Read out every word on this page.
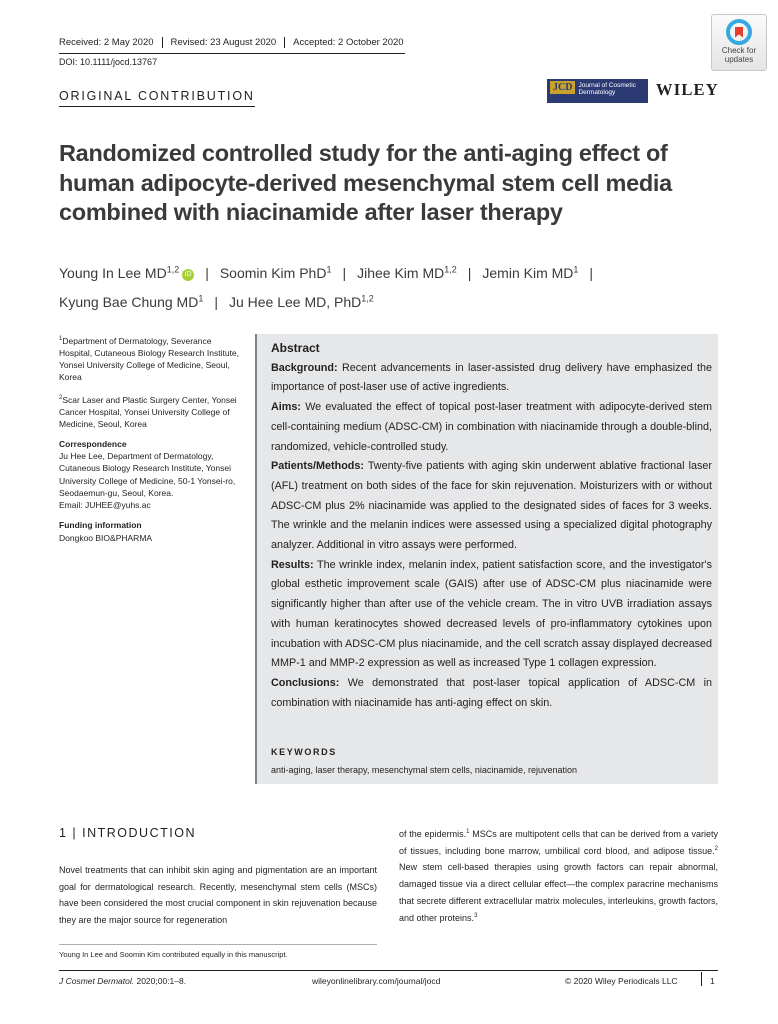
Received: 2 May 2020	Revised: 23 August 2020	Accepted: 2 October 2020
DOI: 10.1111/jocd.13767
ORIGINAL CONTRIBUTION
Check for
updates
JCD Journal of Cosmetic Dermatology	WILEY
Randomized controlled study for the anti-aging effect of human adipocyte-derived mesenchymal stem cell media combined with niacinamide after laser therapy
Young In Lee MD$^{1,2}$iD | Soomin Kim PhD$^1$ | Jihee Kim MD$^{1,2}$ | Jemin Kim $MD^1$ |
Kyung Bae Chung $MD^1$ | Ju Hee Lee MD, PhD$^{1,2}$

$^1$Department of Dermatology, Severance Hospital, Cutaneous Biology Research Institute, Yonsei University College of Medicine, Seoul, Korea

$^2$Scar Laser and Plastic Surgery Center, Yonsei Cancer Hospital, Yonsei University College of Medicine, Seoul, Korea

Correspondence
Ju Hee Lee, Department of Dermatology, Cutaneous Biology Research Institute, Yonsei University College of Medicine, 50-1 Yonsei-ro, Seodaemun-gu, Seoul, Korea.
Email: JUHEE@yuhs.ac

Funding information
Dongkoo BIO&PHARMA

Abstract

Background: Recent advancements in laser-assisted drug delivery have emphasized the importance of post-laser use of active ingredients.

Aims: We evaluated the effect of topical post-laser treatment with adipocyte-derived stem cell-containing medium (ADSC-CM) in combination with niacinamide through a double-blind, randomized, vehicle-controlled study.

Patients/Methods: Twenty-five patients with aging skin underwent ablative fractional laser (AFL) treatment on both sides of the face for skin rejuvenation. Moisturizers with or without ADSC-CM plus 2% niacinamide was applied to the designated sides of faces for 3 weeks. The wrinkle and the melanin indices were assessed using a specialized digital photography analyzer. Additional in vitro assays were performed.

Results: The wrinkle index, melanin index, patient satisfaction score, and the investigator's global esthetic improvement scale (GAIS) after use of ADSC-CM plus niacinamide were significantly higher than after use of the vehicle cream. The in vitro UVB irradiation assays with human keratinocytes showed decreased levels of pro-inflammatory cytokines upon incubation with ADSC-CM plus niacinamide, and the cell scratch assay displayed decreased MMP-1 and MMP-2 expression as well as increased Type 1 collagen expression.

Conclusions: We demonstrated that post-laser topical application of ADSC-CM in combination with niacinamide has anti-aging effect on skin.

KEYWORDS
anti-aging, laser therapy, mesenchymal stem cells, niacinamide, rejuvenation
1 | INTRODUCTION

Novel treatments that can inhibit skin aging and pigmentation are an important goal for dermatological research. Recently, mesenchymal stem cells (MSCs) have been considered the most crucial component in skin rejuvenation because they are the major source for regeneration

of the epidermis.$^1$ MSCs are multipotent cells that can be derived from a variety of tissues, including bone marrow, umbilical cord blood, and adipose tissue.$^2$ New stem cell-based therapies using growth factors can repair abnormal, damaged tissue via a direct cellular effect—the complex paracrine mechanisms that secrete different extracellular matrix molecules, interleukins, growth factors, and other proteins.$^3$

Young In Lee and Soomin Kim contributed equally in this manuscript.
J Cosmet Dermatol. 2020;00:1–8.	wileyonlinelibrary.com/journal/jocd	© 2020 Wiley Periodicals LLC	1
